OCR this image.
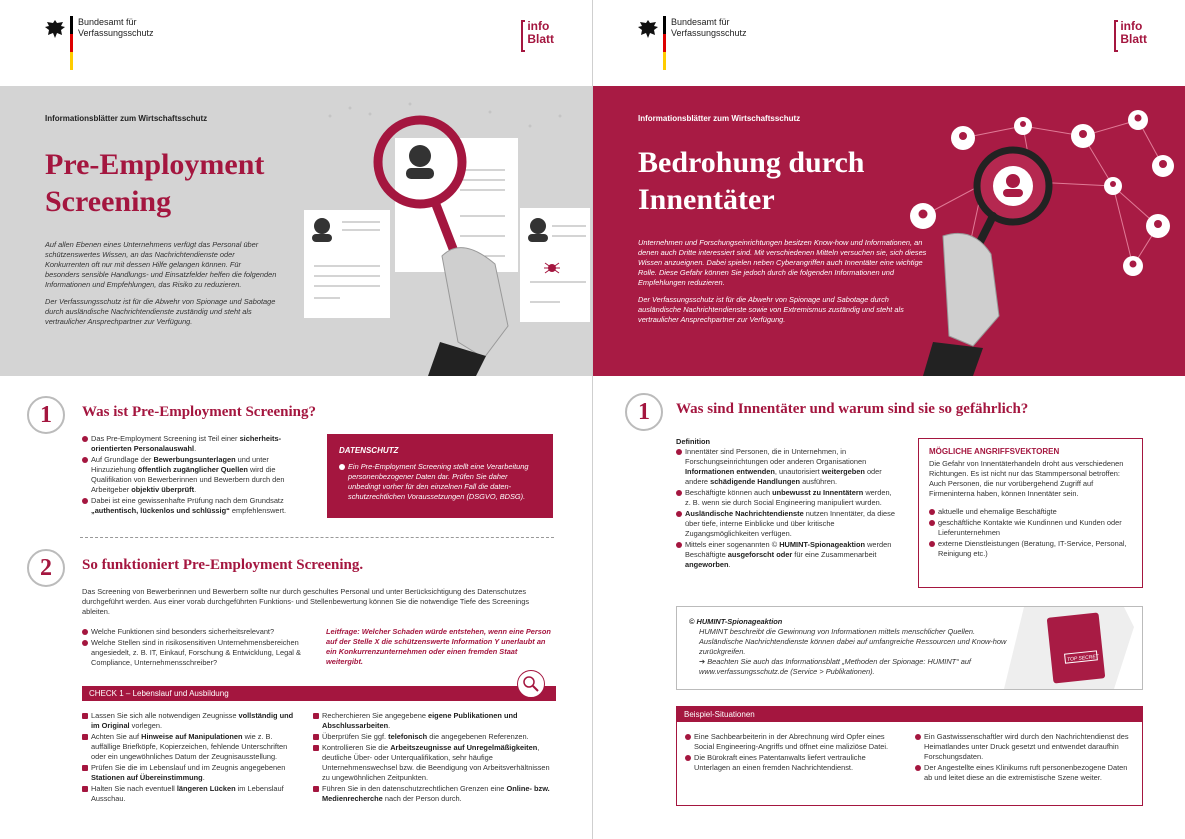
Bundesamt für
Verfassungsschutz	info
Blatt
Informationsblätter zum Wirtschaftsschutz
Pre-Employment
Screening

Auf allen Ebenen eines Unternehmens verfügt das Personal über schützenswertes Wissen, an das Nachrichtendienste oder Konkurrenten oft nur mit dessen Hilfe gelangen können. Für besonders sensible Handlungs- und Einsatzfelder helfen die folgenden Informationen und Empfehlungen, das Risiko zu reduzieren.

Der Verfassungsschutz ist für die Abwehr von Spionage und Sabotage durch ausländische Nachrichtendienste zuständig und steht als vertraulicher Ansprechpartner zur Verfügung.

1	Was ist Pre-Employment Screening?
Das Pre-Employment Screening ist Teil einer sicherheitsorientierten Personalauswahl.
Auf Grundlage der Bewerbungsunterlagen und unter Hinzuziehung öffentlich zugänglicher Quellen wird die Qualifikation von Bewerberinnen und Bewerbern durch den Arbeitgeber objektiv überprüft.
Dabei ist eine gewissenhafte Prüfung nach dem Grundsatz „authentisch, lückenlos und schlüssig“ empfehlenswert.
DATENSCHUTZ
Ein Pre-Employment Screening stellt eine Verarbeitung personenbezogener Daten dar. Prüfen Sie daher unbedingt vorher für den einzelnen Fall die datenschutzrechtlichen Voraussetzungen (DSGVO, BDSG).
2	So funktioniert Pre-Employment Screening.
Das Screening von Bewerberinnen und Bewerbern sollte nur durch geschultes Personal und unter Berücksichtigung des Datenschutzes durchgeführt werden. Aus einer vorab durchgeführten Funktions- und Stellenbewertung können Sie die notwendige Tiefe des Screenings ableiten.
Welche Funktionen sind besonders sicherheitsrelevant?
Welche Stellen sind in risikosensitiven Unternehmensbereichen angesiedelt, z. B. IT, Einkauf, Forschung & Entwicklung, Legal & Compliance, Unternehmensschreiber?
Leitfrage: Welcher Schaden würde entstehen, wenn eine Person auf der Stelle X die schützenswerte Information Y unerlaubt an ein Konkurrenzunternehmen oder einen fremden Staat weitergibt.
CHECK 1 – Lebenslauf und Ausbildung
Lassen Sie sich alle notwendigen Zeugnisse vollständig und im Original vorlegen.
Achten Sie auf Hinweise auf Manipulationen wie z. B. auffällige Briefköpfe, Kopierzeichen, fehlende Unterschriften oder ein ungewöhnliches Datum der Zeugnisausstellung.
Prüfen Sie die im Lebenslauf und im Zeugnis angegebenen Stationen auf Übereinstimmung.
Halten Sie nach eventuell längeren Lücken im Lebenslauf Ausschau.
Recherchieren Sie angegebene eigene Publikationen und Abschlussarbeiten.
Überprüfen Sie ggf. telefonisch die angegebenen Referenzen.
Kontrollieren Sie die Arbeitszeugnisse auf Unregelmäßigkeiten, deutliche Über- oder Unterqualifikation, sehr häufige Unternehmenswechsel bzw. die Beendigung von Arbeitsverhältnissen zu ungewöhnlichen Zeitpunkten.
Führen Sie in den datenschutzrechtlichen Grenzen eine Online- bzw. Medienrecherche nach der Person durch.
Bundesamt für
Verfassungsschutz	info
Blatt
Informationsblätter zum Wirtschaftsschutz
Bedrohung durch
Innentäter

Unternehmen und Forschungseinrichtungen besitzen Know-how und Informationen, an denen auch Dritte interessiert sind. Mit verschiedenen Mitteln versuchen sie, sich dieses Wissen anzueignen. Dabei spielen neben Cyberangriffen auch Innentäter eine wichtige Rolle. Diese Gefahr können Sie jedoch durch die folgenden Informationen und Empfehlungen reduzieren.

Der Verfassungsschutz ist für die Abwehr von Spionage und Sabotage durch ausländische Nachrichtendienste sowie von Extremismus zuständig und steht als vertraulicher Ansprechpartner zur Verfügung.

1	Was sind Innentäter und warum sind sie so gefährlich?
Definition
Innentäter sind Personen, die in Unternehmen, in Forschungseinrichtungen oder anderen Organisationen Informationen entwenden, unautorisiert weitergeben oder andere schädigende Handlungen ausführen.
Beschäftigte können auch unbewusst zu Innentätern werden, z. B. wenn sie durch Social Engineering manipuliert wurden.
Ausländische Nachrichtendienste nutzen Innentäter, da diese über tiefe, interne Einblicke und über kritische Zugangsmöglichkeiten verfügen.
Mittels einer sogenannten © HUMINT-Spionageaktion werden Beschäftigte ausgeforscht oder für eine Zusammenarbeit angeworben.
MÖGLICHE ANGRIFFSVEKTOREN
Die Gefahr von Innentäterhandeln droht aus verschiedenen Richtungen. Es ist nicht nur das Stammpersonal betroffen: Auch Personen, die nur vorübergehend Zugriff auf Firmeninterna haben, können Innentäter sein.
aktuelle und ehemalige Beschäftigte
geschäftliche Kontakte wie Kundinnen und Kunden oder Lieferunternehmen
externe Dienstleistungen (Beratung, IT-Service, Personal, Reinigung etc.)
© HUMINT-Spionageaktion
HUMINT beschreibt die Gewinnung von Informationen mittels menschlicher Quellen. Ausländische Nachrichtendienste können dabei auf umfangreiche Ressourcen und Know-how zurückgreifen.
➔ Beachten Sie auch das Informationsblatt „Methoden der Spionage: HUMINT“ auf www.verfassungsschutz.de (Service > Publikationen).
TOP SECRET
Beispiel-Situationen
Eine Sachbearbeiterin in der Abrechnung wird Opfer eines Social Engineering-Angriffs und öffnet eine maliziöse Datei.
Die Bürokraft eines Patentanwalts liefert vertrauliche Unterlagen an einen fremden Nachrichtendienst.
Ein Gastwissenschaftler wird durch den Nachrichtendienst des Heimatlandes unter Druck gesetzt und entwendet daraufhin Forschungsdaten.
Der Angestellte eines Klinikums ruft personenbezogene Daten ab und leitet diese an die extremistische Szene weiter.
